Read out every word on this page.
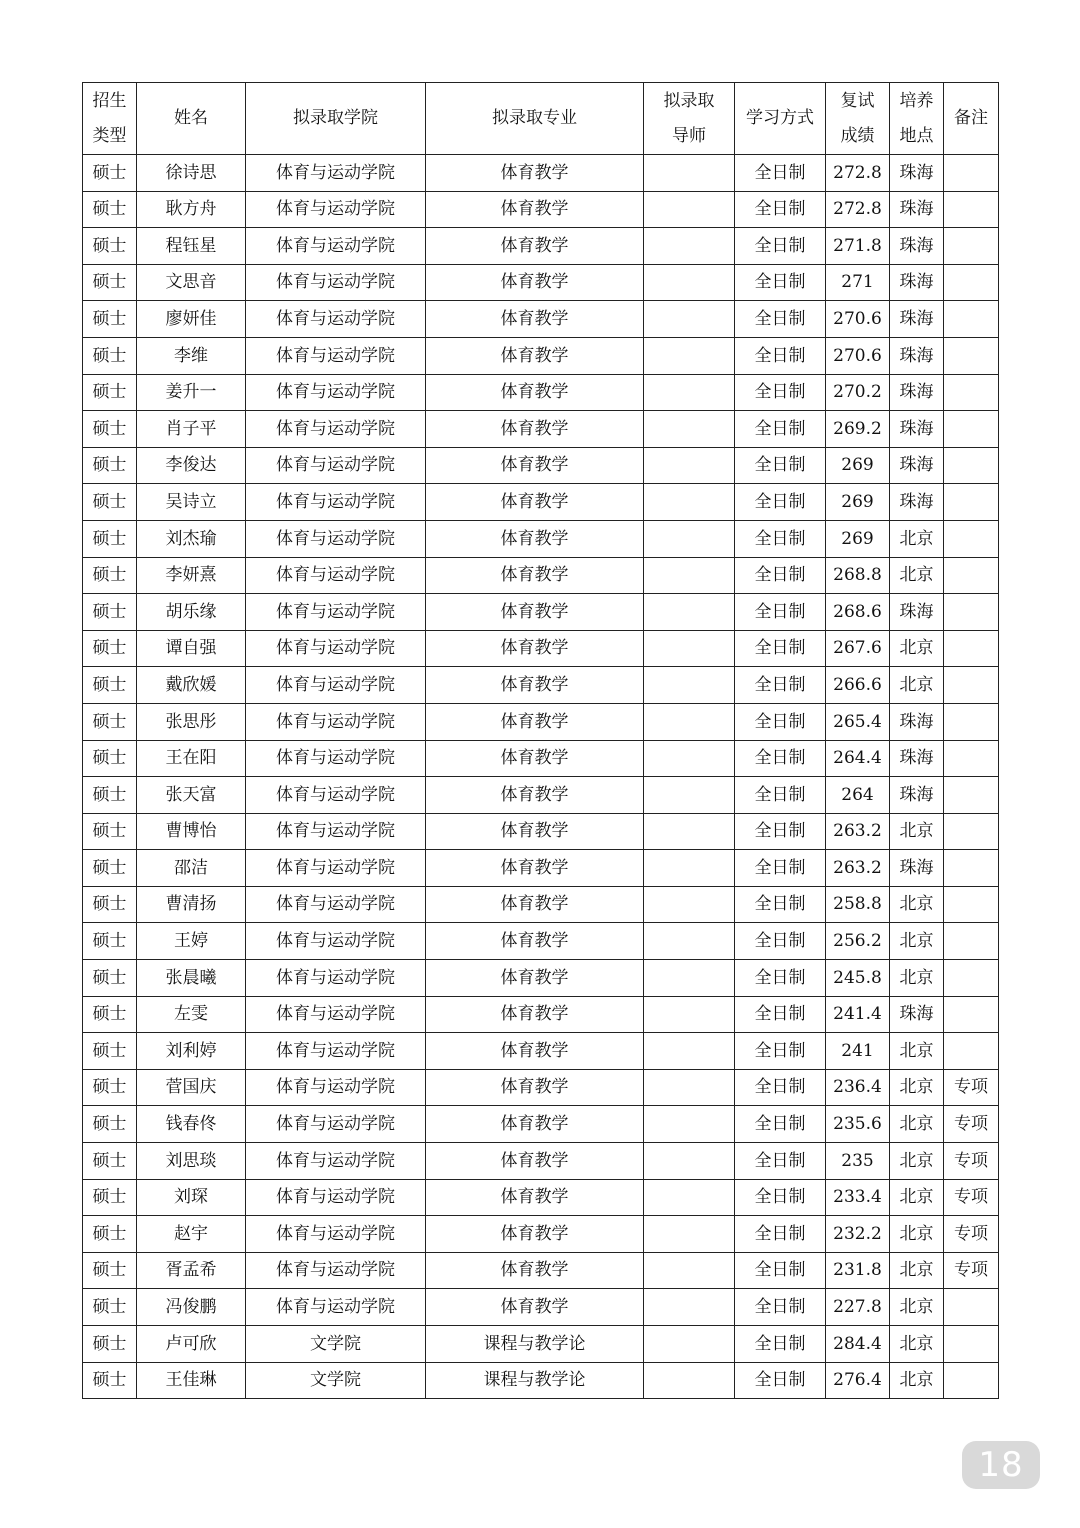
招生类型	姓名	拟录取学院	拟录取专业	拟录取导师	学习方式	复试成绩	培养地点	备注
硕士	徐诗思	体育与运动学院	体育教学		全日制	272.8	珠海	
硕士	耿方舟	体育与运动学院	体育教学		全日制	272.8	珠海	
硕士	程钰星	体育与运动学院	体育教学		全日制	271.8	珠海	
硕士	文思音	体育与运动学院	体育教学		全日制	271	珠海	
硕士	廖妍佳	体育与运动学院	体育教学		全日制	270.6	珠海	
硕士	李维	体育与运动学院	体育教学		全日制	270.6	珠海	
硕士	姜升一	体育与运动学院	体育教学		全日制	270.2	珠海	
硕士	肖子平	体育与运动学院	体育教学		全日制	269.2	珠海	
硕士	李俊达	体育与运动学院	体育教学		全日制	269	珠海	
硕士	吴诗立	体育与运动学院	体育教学		全日制	269	珠海	
硕士	刘杰瑜	体育与运动学院	体育教学		全日制	269	北京	
硕士	李妍熹	体育与运动学院	体育教学		全日制	268.8	北京	
硕士	胡乐缘	体育与运动学院	体育教学		全日制	268.6	珠海	
硕士	谭自强	体育与运动学院	体育教学		全日制	267.6	北京	
硕士	戴欣媛	体育与运动学院	体育教学		全日制	266.6	北京	
硕士	张思彤	体育与运动学院	体育教学		全日制	265.4	珠海	
硕士	王在阳	体育与运动学院	体育教学		全日制	264.4	珠海	
硕士	张天富	体育与运动学院	体育教学		全日制	264	珠海	
硕士	曹博怡	体育与运动学院	体育教学		全日制	263.2	北京	
硕士	邵洁	体育与运动学院	体育教学		全日制	263.2	珠海	
硕士	曹清扬	体育与运动学院	体育教学		全日制	258.8	北京	
硕士	王婷	体育与运动学院	体育教学		全日制	256.2	北京	
硕士	张晨曦	体育与运动学院	体育教学		全日制	245.8	北京	
硕士	左雯	体育与运动学院	体育教学		全日制	241.4	珠海	
硕士	刘利婷	体育与运动学院	体育教学		全日制	241	北京	
硕士	菅国庆	体育与运动学院	体育教学		全日制	236.4	北京	专项
硕士	钱春佟	体育与运动学院	体育教学		全日制	235.6	北京	专项
硕士	刘思琰	体育与运动学院	体育教学		全日制	235	北京	专项
硕士	刘琛	体育与运动学院	体育教学		全日制	233.4	北京	专项
硕士	赵宇	体育与运动学院	体育教学		全日制	232.2	北京	专项
硕士	胥孟希	体育与运动学院	体育教学		全日制	231.8	北京	专项
硕士	冯俊鹏	体育与运动学院	体育教学		全日制	227.8	北京	
硕士	卢可欣	文学院	课程与教学论		全日制	284.4	北京	
硕士	王佳琳	文学院	课程与教学论		全日制	276.4	北京	
18
